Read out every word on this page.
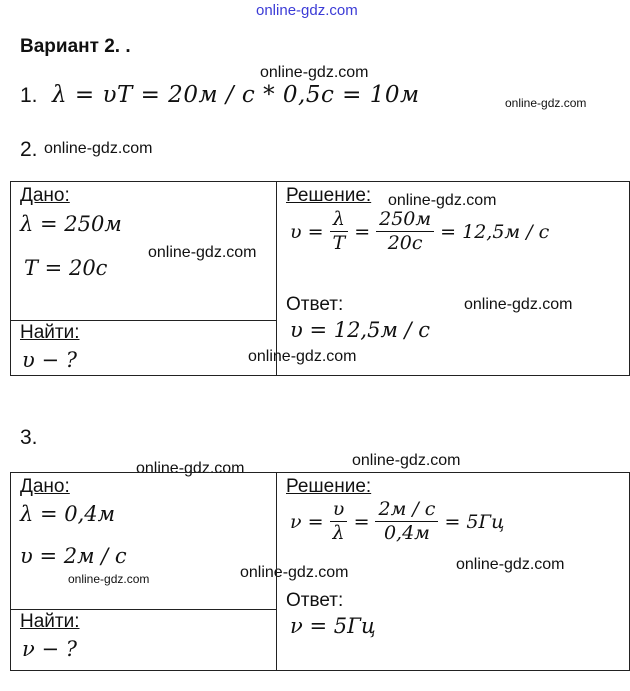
online-gdz.com
online-gdz.com
online-gdz.com
online-gdz.com
online-gdz.com
online-gdz.com
online-gdz.com
online-gdz.com
online-gdz.com
online-gdz.com
online-gdz.com
online-gdz.com
online-gdz.com
Вариант 2. .
1. λ = υT = 20м / с * 0,5с = 10м
2.
Дано:
λ = 250м
T = 20с
Найти:
υ − ?
Решение:
$\upsilon = \frac{\lambda}{T} = \frac{250м}{20с} = 12,5м / с$
Ответ:
υ = 12,5м / с
3.
Дано:
λ = 0,4м
υ = 2м / с
Найти:
ν − ?
Решение:
$\nu = \frac{\upsilon}{\lambda} = \frac{2м / с}{0,4м} = 5Гц$
Ответ:
ν = 5Гц
